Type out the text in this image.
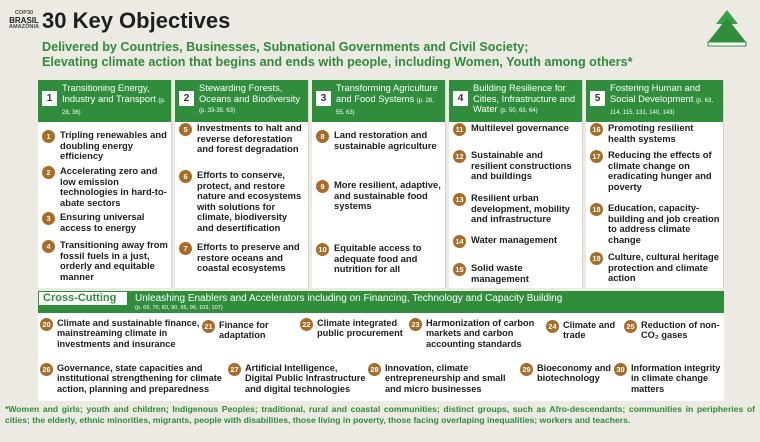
COP30
BRASIL
AMAZÔNIA 30 Key Objectives
Delivered by Countries, Businesses, Subnational Governments and Civil Society;
Elevating climate action that begins and ends with people, including Women, Youth among others*
1
Transitioning Energy, Industry and Transport (p. 28, 36)
1	Tripling renewables and doubling energy efficiency
2	Accelerating zero and low emission technologies in hard-to-abate sectors
3	Ensuring universal access to energy
4	Transitioning away from fossil fuels in a just, orderly and equitable manner
2
Stewarding Forests, Oceans and Biodiversity (p. 33-35, 63)
5	Investments to halt and reverse deforestation and forest degradation
6	Efforts to conserve, protect, and restore nature and ecosystems with solutions for climate, biodiversity and desertification
7	Efforts to preserve and restore oceans and coastal ecosystems
3
Transforming Agriculture and Food Systems (p. 28, 55, 63)
8	Land restoration and sustainable agriculture
9	More resilient, adaptive, and sustainable food systems
10 Equitable access to adequate food and nutrition for all
4
Building Resilience for Cities, Infrastructure and Water (p. 50, 63, 64)
11 Multilevel governance
12 Sustainable and resilient constructions and buildings
13 Resilient urban development, mobility and infrastructure
14 Water management
15 Solid waste management
5
Fostering Human and Social Development (p. 63, 114, 115, 131, 140, 143)
16 Promoting resilient health systems
17 Reducing the effects of climate change on eradicating hunger and poverty
18 Education, capacity-building and job creation to address climate change
19 Culture, cultural heritage protection and climate action
Cross-Cutting	Unleashing Enablers and Accelerators including on Financing, Technology and Capacity Building
(p. 69, 70, 83, 90, 95, 96, 103, 107)
20 Climate and sustainable finance, mainstreaming climate in investments and insurance
21 Finance for adaptation
22 Climate integrated public procurement
23 Harmonization of carbon markets and carbon accounting standards
24 Climate and trade
25 Reduction of non-CO₂ gases
26 Governance, state capacities and institutional strengthening for climate action, planning and preparedness
27 Artificial Intelligence, Digital Public Infrastructure and digital technologies
28 Innovation, climate entrepreneurship and small and micro businesses
29 Bioeconomy and biotechnology
30 Information integrity in climate change matters
*Women and girls; youth and children; Indigenous Peoples; traditional, rural and coastal communities; distinct groups, such as Afro-descendants; communities in peripheries of cities; the elderly, ethnic minorities, migrants, people with disabilities, those living in poverty, those facing overlaping inequalities; workers and teachers.
